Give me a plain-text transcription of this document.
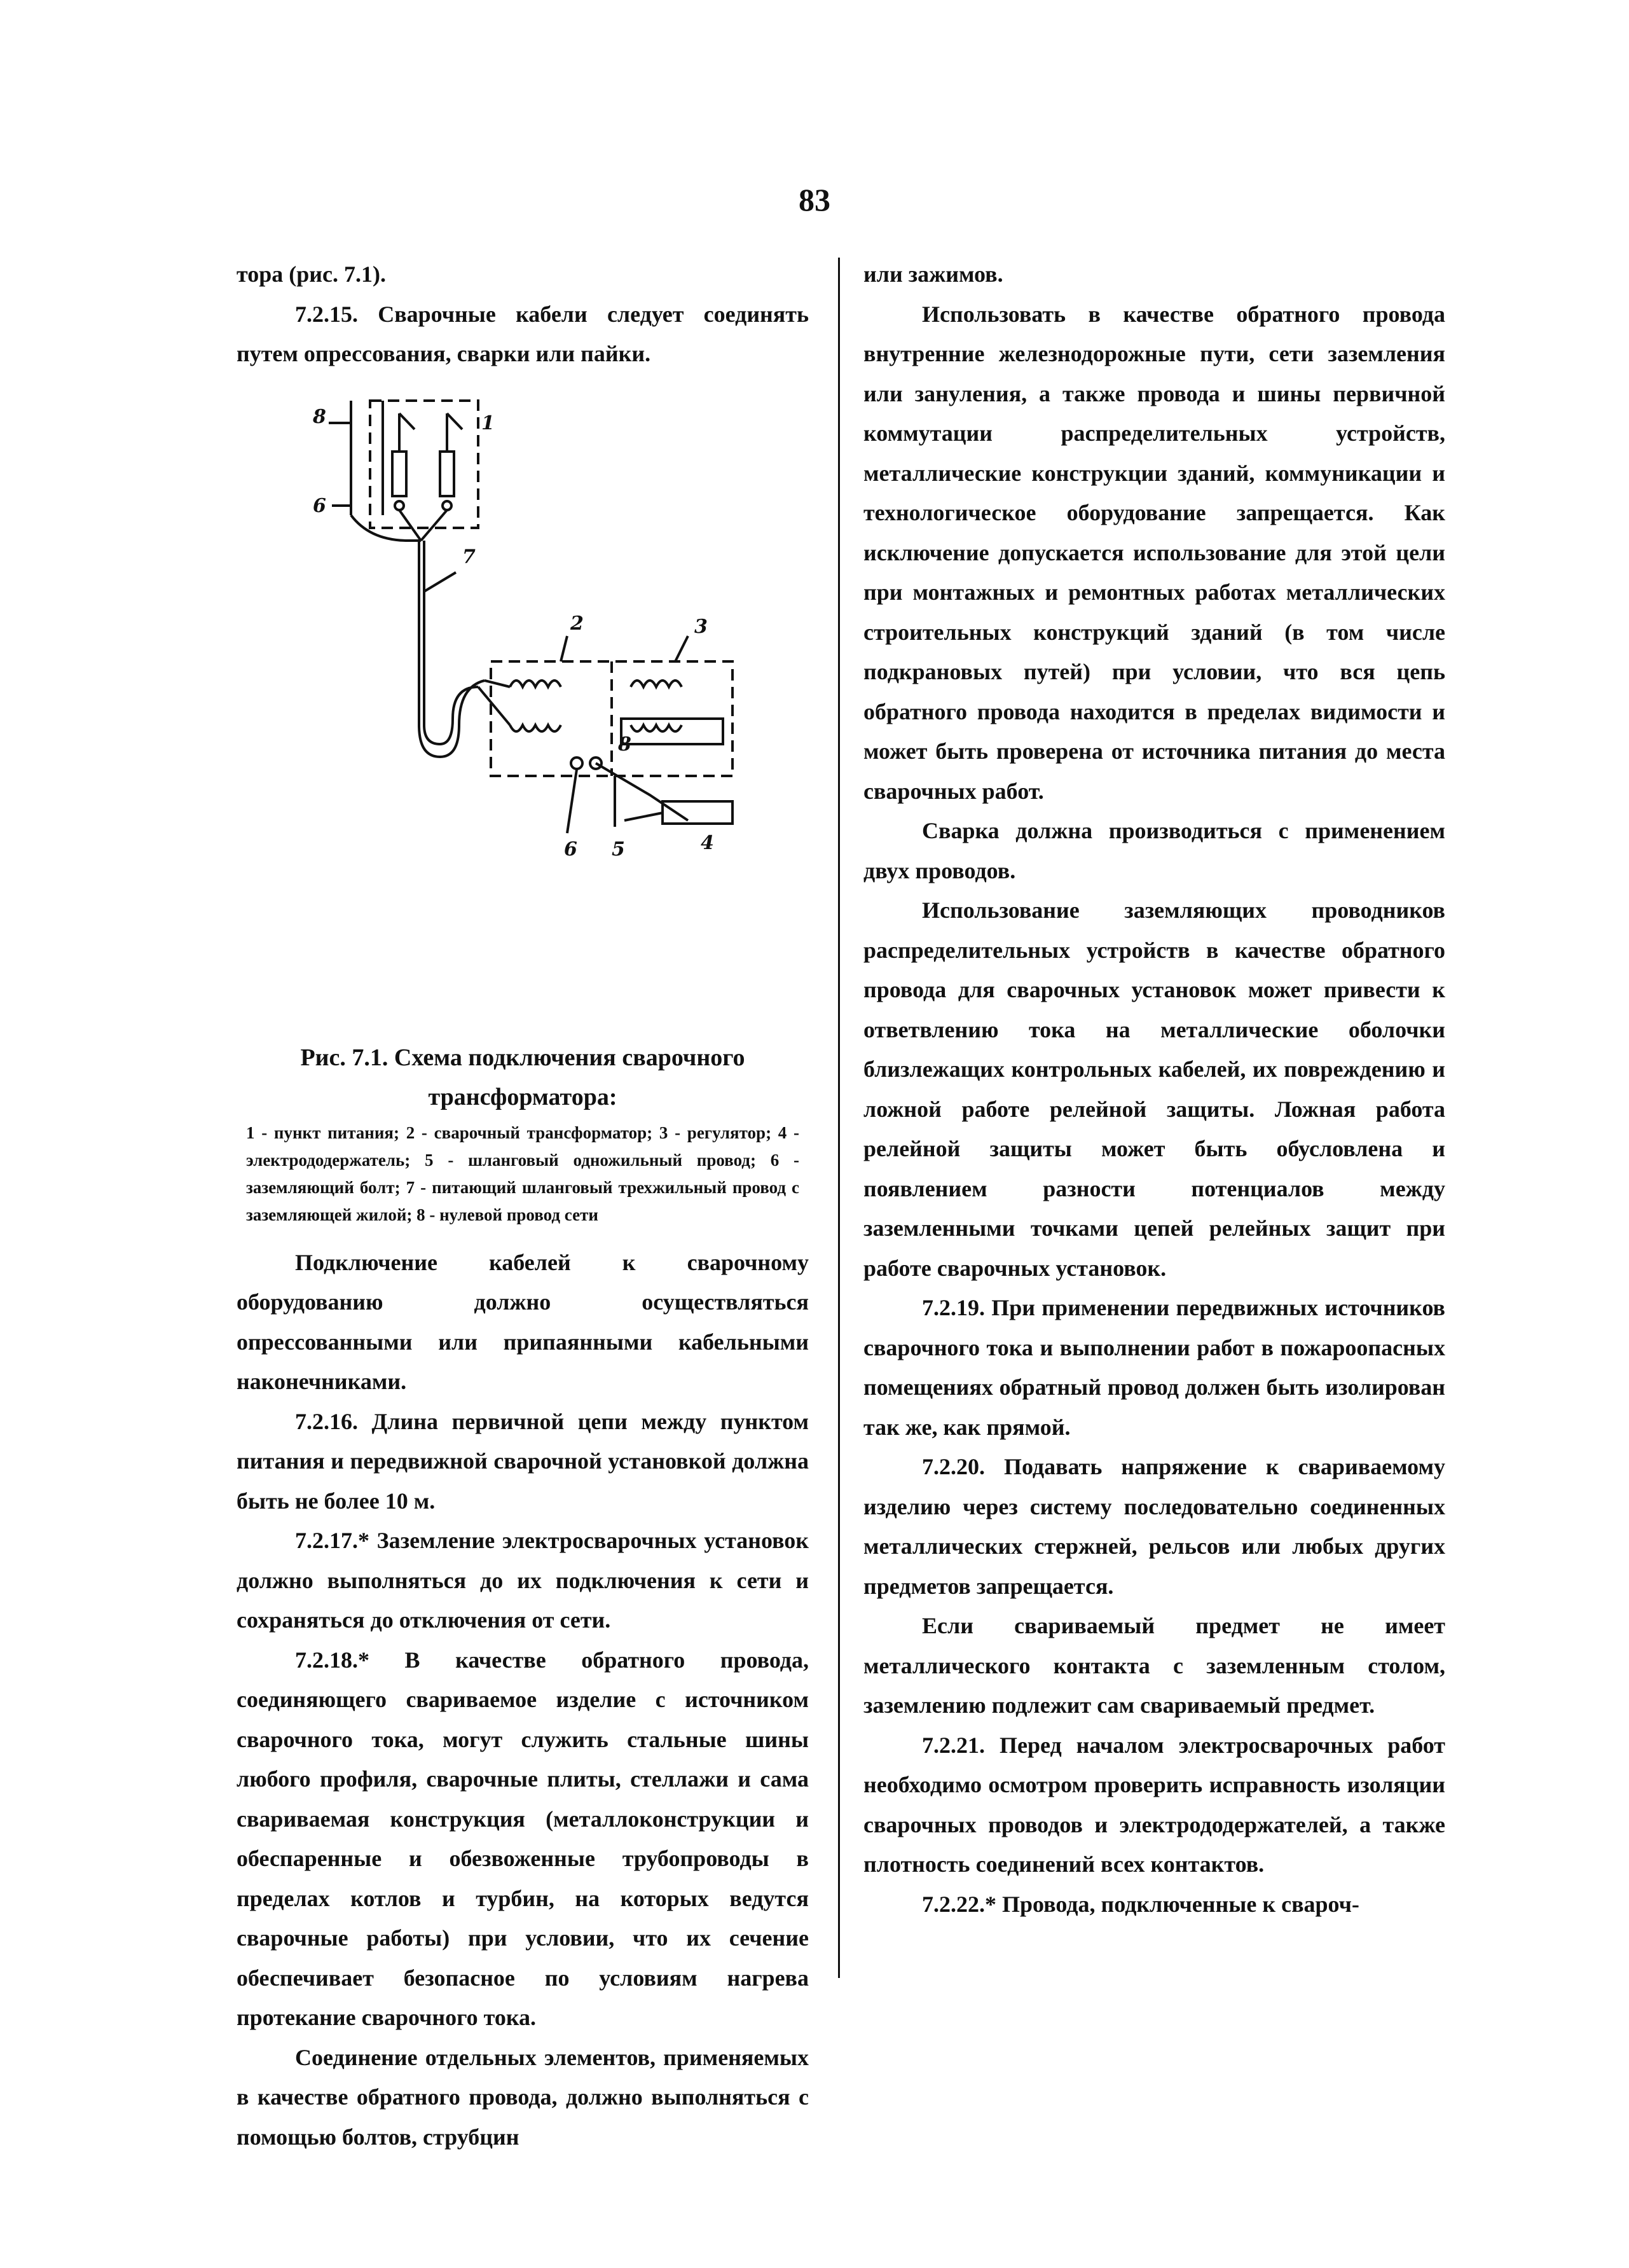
83

тора (рис. 7.1).

7.2.15. Сварочные кабели следует соединять путем опрессования, сварки или пайки.

8	1
6
7
2	3
8
6 5	4
Рис. 7.1. Схема подключения сварочного трансформатора:
1 - пункт питания; 2 - сварочный трансформатор; 3 - регулятор; 4 - электрододержатель; 5 - шланговый одножильный провод; 6 - заземляющий болт; 7 - питающий шланговый трехжильный провод с заземляющей жилой; 8 - нулевой провод сети

Подключение кабелей к сварочному оборудованию должно осуществляться опрессованными или припаянными кабельными наконечниками.

7.2.16. Длина первичной цепи между пунктом питания и передвижной сварочной установкой должна быть не более 10 м.

7.2.17.* Заземление электросварочных установок должно выполняться до их подключения к сети и сохраняться до отключения от сети.

7.2.18.* В качестве обратного провода, соединяющего свариваемое изделие с источником сварочного тока, могут служить стальные шины любого профиля, сварочные плиты, стеллажи и сама свариваемая конструкция (металлоконструкции и обеспаренные и обезвоженные трубопроводы в пределах котлов и турбин, на которых ведутся сварочные работы) при условии, что их сечение обеспечивает безопасное по условиям нагрева протекание сварочного тока.

Соединение отдельных элементов, применяемых в качестве обратного провода, должно выполняться с помощью болтов, струбцин

или зажимов.

Использовать в качестве обратного провода внутренние железнодорожные пути, сети заземления или зануления, а также провода и шины первичной коммутации распределительных устройств, металлические конструкции зданий, коммуникации и технологическое оборудование запрещается. Как исключение допускается использование для этой цели при монтажных и ремонтных работах металлических строительных конструкций зданий (в том числе подкрановых путей) при условии, что вся цепь обратного провода находится в пределах видимости и может быть проверена от источника питания до места сварочных работ.

Сварка должна производиться с применением двух проводов.

Использование заземляющих проводников распределительных устройств в качестве обратного провода для сварочных установок может привести к ответвлению тока на металлические оболочки близлежащих контрольных кабелей, их повреждению и ложной работе релейной защиты. Ложная работа релейной защиты может быть обусловлена и появлением разности потенциалов между заземленными точками цепей релейных защит при работе сварочных установок.

7.2.19. При применении передвижных источников сварочного тока и выполнении работ в пожароопасных помещениях обратный провод должен быть изолирован так же, как прямой.

7.2.20. Подавать напряжение к свариваемому изделию через систему последовательно соединенных металлических стержней, рельсов или любых других предметов запрещается.

Если свариваемый предмет не имеет металлического контакта с заземленным столом, заземлению подлежит сам свариваемый предмет.

7.2.21. Перед началом электросварочных работ необходимо осмотром проверить исправность изоляции сварочных проводов и электрододержателей, а также плотность соединений всех контактов.

7.2.22.* Провода, подключенные к свароч-
